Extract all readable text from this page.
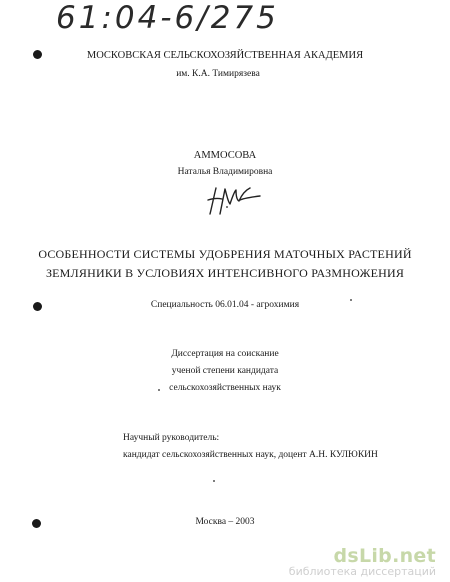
61:04-6/275
МОСКОВСКАЯ СЕЛЬСКОХОЗЯЙСТВЕННАЯ АКАДЕМИЯ
им. К.А. Тимирязева
АММОСОВА
Наталья Владимировна
ОСОБЕННОСТИ СИСТЕМЫ УДОБРЕНИЯ МАТОЧНЫХ РАСТЕНИЙ
ЗЕМЛЯНИКИ В УСЛОВИЯХ ИНТЕНСИВНОГО РАЗМНОЖЕНИЯ
Специальность 06.01.04 - агрохимия
Диссертация на соискание
ученой степени кандидата
сельскохозяйственных наук
Научный руководитель:
кандидат сельскохозяйственных наук, доцент А.Н. КУЛЮКИН
Москва – 2003
dsLib.net
библиотека диссертаций
